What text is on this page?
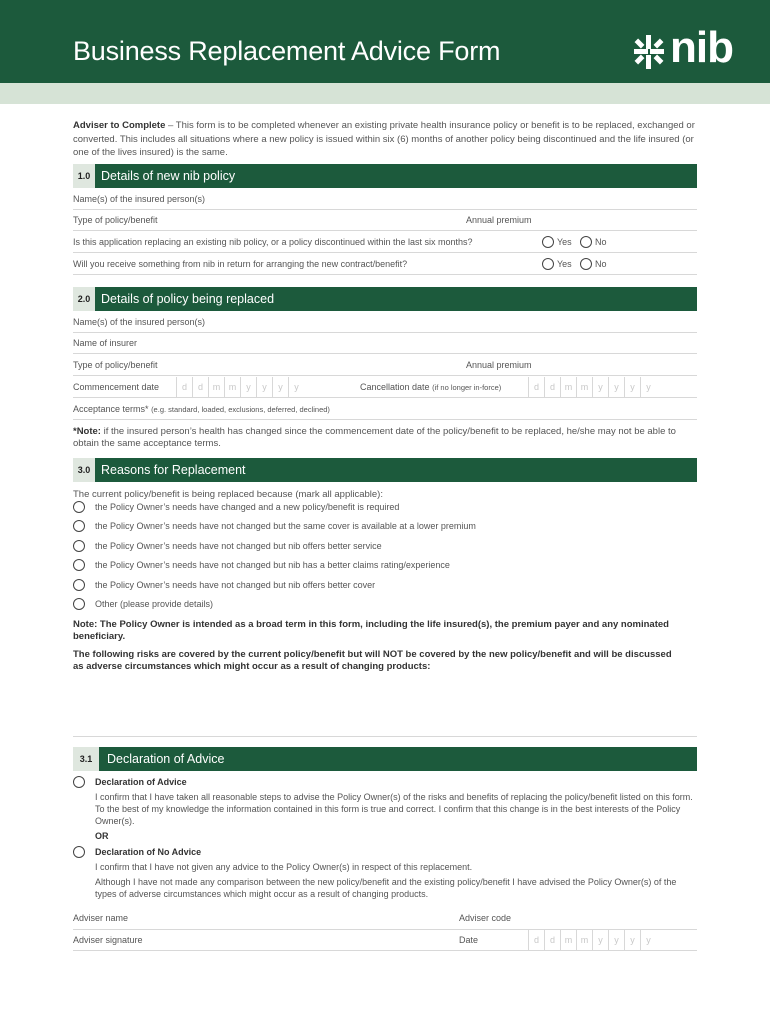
Business Replacement Advice Form	nib
Adviser to Complete – This form is to be completed whenever an existing private health insurance policy or benefit is to be replaced, exchanged or converted. This includes all situations where a new policy is issued within six (6) months of another policy being discontinued and the life insured (or one of the lives insured) is the same.
1.0 Details of new nib policy
Name(s) of the insured person(s)
Type of policy/benefit	Annual premium
Is this application replacing an existing nib policy, or a policy discontinued within the last six months?	Yes	No
Will you receive something from nib in return for arranging the new contract/benefit?	Yes	No
2.0 Details of policy being replaced
Name(s) of the insured person(s)
Name of insurer
Type of policy/benefit	Annual premium
Commencement date	d	d	m m	y	y	y	y	Cancellation date (if no longer in-force)	d	d	m m	y	y	y	y
Acceptance terms* (e.g. standard, loaded, exclusions, deferred, declined)
*Note: if the insured person’s health has changed since the commencement date of the policy/benefit to be replaced, he/she may not be able to obtain the same acceptance terms.
3.0 Reasons for Replacement
The current policy/benefit is being replaced because (mark all applicable):
the Policy Owner’s needs have changed and a new policy/benefit is required
the Policy Owner’s needs have not changed but the same cover is available at a lower premium
the Policy Owner’s needs have not changed but nib offers better service
the Policy Owner’s needs have not changed but nib has a better claims rating/experience
the Policy Owner’s needs have not changed but nib offers better cover
Other (please provide details)
Note: The Policy Owner is intended as a broad term in this form, including the life insured(s), the premium payer and any nominated beneficiary.
The following risks are covered by the current policy/benefit but will NOT be covered by the new policy/benefit and will be discussed as adverse circumstances which might occur as a result of changing products:
3.1	Declaration of Advice
Declaration of Advice
I confirm that I have taken all reasonable steps to advise the Policy Owner(s) of the risks and benefits of replacing the policy/benefit listed on this form. To the best of my knowledge the information contained in this form is true and correct. I confirm that this change is in the best interests of the Policy Owner(s).
OR
Declaration of No Advice
I confirm that I have not given any advice to the Policy Owner(s) in respect of this replacement.
Although I have not made any comparison between the new policy/benefit and the existing policy/benefit I have advised the Policy Owner(s) of the types of adverse circumstances which might occur as a result of changing products.
Adviser name	Adviser code
Adviser signature	Date	d	d	m m	y	y	y	y
